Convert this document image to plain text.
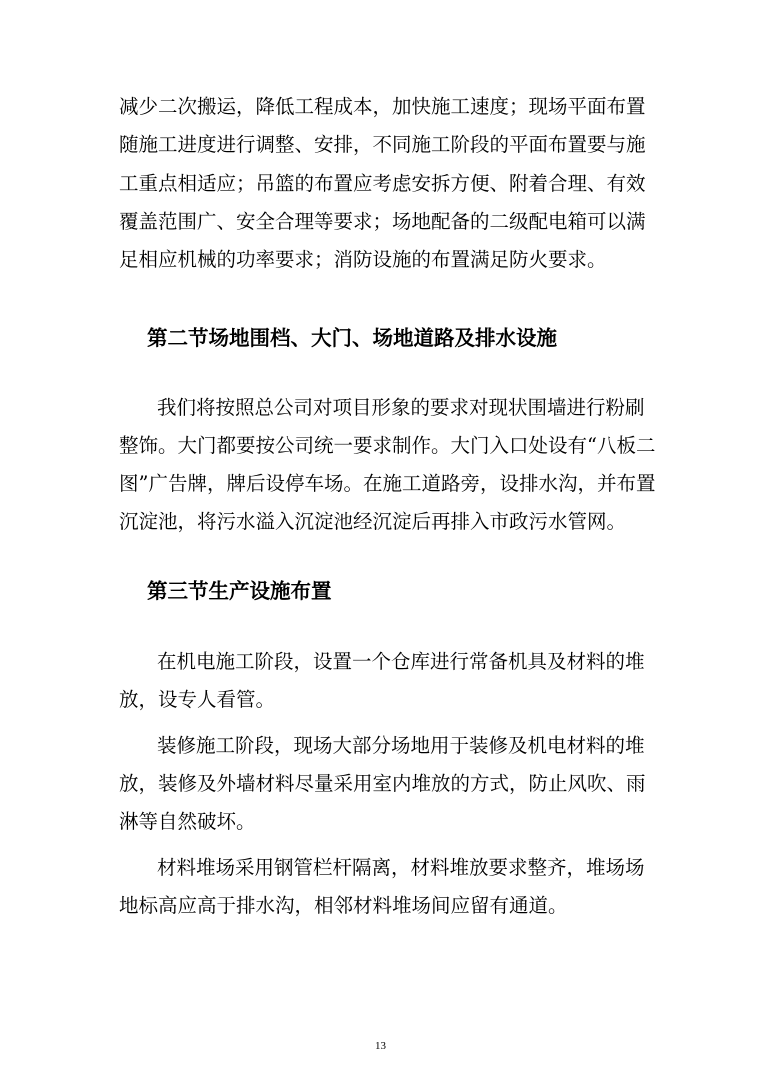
减少二次搬运，降低工程成本，加快施工速度；现场平面布置
随施工进度进行调整、安排，不同施工阶段的平面布置要与施
工重点相适应；吊篮的布置应考虑安拆方便、附着合理、有效
覆盖范围广、安全合理等要求；场地配备的二级配电箱可以满
足相应机械的功率要求；消防设施的布置满足防火要求。
第二节场地围档、大门、场地道路及排水设施
我们将按照总公司对项目形象的要求对现状围墙进行粉刷
整饰。大门都要按公司统一要求制作。大门入口处设有“八板二
图”广告牌，牌后设停车场。在施工道路旁，设排水沟，并布置
沉淀池，将污水溢入沉淀池经沉淀后再排入市政污水管网。
第三节生产设施布置
在机电施工阶段，设置一个仓库进行常备机具及材料的堆
放，设专人看管。
装修施工阶段，现场大部分场地用于装修及机电材料的堆
放，装修及外墙材料尽量采用室内堆放的方式，防止风吹、雨
淋等自然破坏。
材料堆场采用钢管栏杆隔离，材料堆放要求整齐，堆场场
地标高应高于排水沟，相邻材料堆场间应留有通道。
13
